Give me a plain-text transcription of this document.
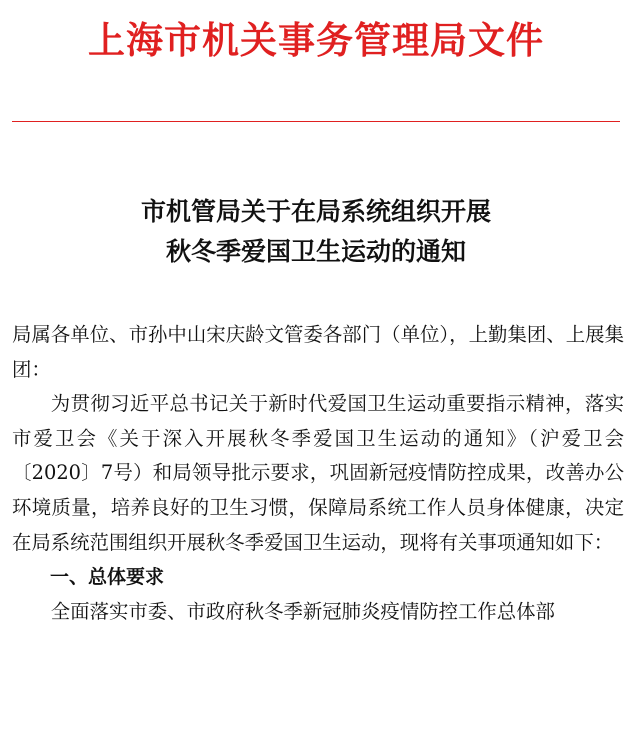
上海市机关事务管理局文件
市机管局关于在局系统组织开展
秋冬季爱国卫生运动的通知

局属各单位、市孙中山宋庆龄文管委各部门（单位），上勤集团、上展集团：

为贯彻习近平总书记关于新时代爱国卫生运动重要指示精神，落实市爱卫会《关于深入开展秋冬季爱国卫生运动的通知》（沪爱卫会〔2020〕7号）和局领导批示要求，巩固新冠疫情防控成果，改善办公环境质量，培养良好的卫生习惯，保障局系统工作人员身体健康，决定在局系统范围组织开展秋冬季爱国卫生运动，现将有关事项通知如下：

一、总体要求

全面落实市委、市政府秋冬季新冠肺炎疫情防控工作总体部
